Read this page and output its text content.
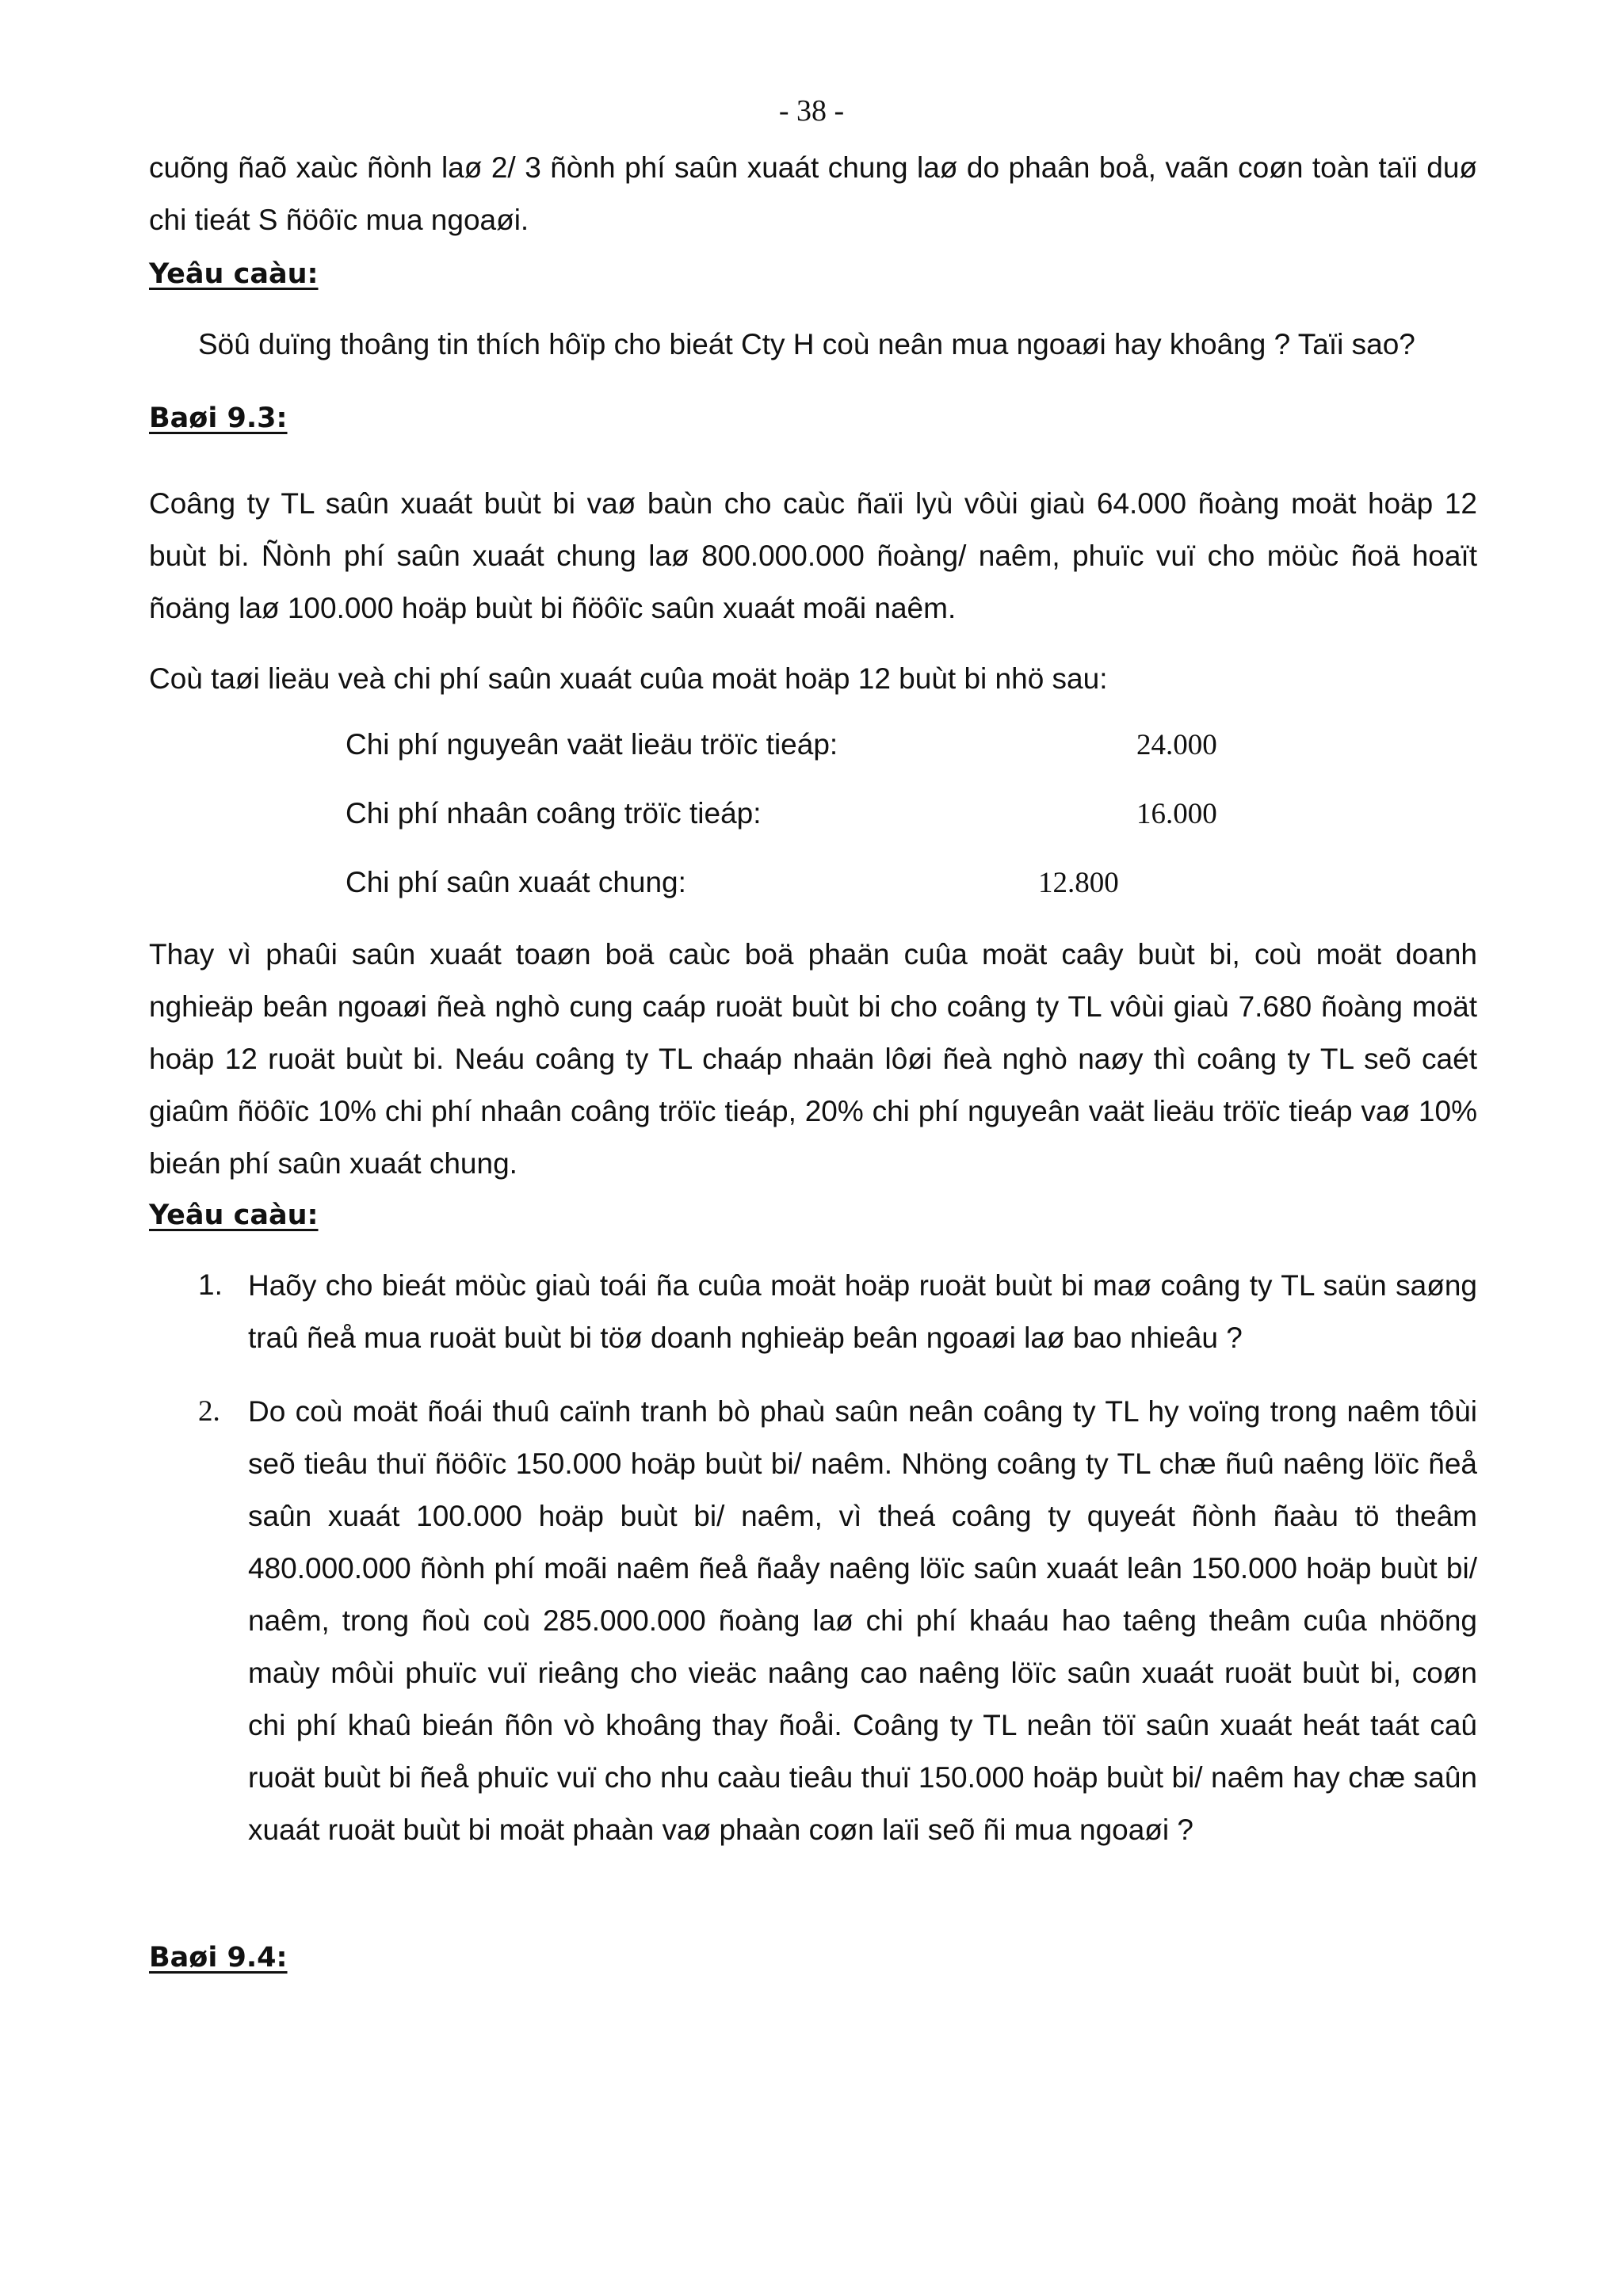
- 38 -
cuõng ñaõ xaùc ñònh laø 2/ 3 ñònh phí saûn xuaát chung laø do phaân boå, vaãn coøn toàn taïi duø chi tieát S ñöôïc mua ngoaøi.
Yeâu caàu:
Söû duïng thoâng tin thích hôïp cho bieát Cty H coù neân mua ngoaøi hay khoâng ? Taïi sao?
Baøi 9.3:
Coâng ty TL saûn xuaát buùt bi vaø baùn cho caùc ñaïi lyù vôùi giaù 64.000 ñoàng moät hoäp 12 buùt bi. Ñònh phí saûn xuaát chung laø 800.000.000 ñoàng/ naêm, phuïc vuï cho möùc ñoä hoaït ñoäng laø 100.000 hoäp buùt bi ñöôïc saûn xuaát moãi naêm.
Coù taøi lieäu veà chi phí saûn xuaát cuûa moät hoäp 12 buùt bi nhö sau:
Chi phí nguyeân vaät lieäu tröïc tieáp:	24.000
Chi phí nhaân coâng tröïc tieáp:	16.000
Chi phí saûn xuaát chung:	12.800
Thay vì phaûi saûn xuaát toaøn boä caùc boä phaän cuûa moät caây buùt bi, coù moät doanh nghieäp beân ngoaøi ñeà nghò cung caáp ruoät buùt bi cho coâng ty TL vôùi giaù 7.680 ñoàng moät hoäp 12 ruoät buùt bi. Neáu coâng ty TL chaáp nhaän lôøi ñeà nghò naøy thì coâng ty TL seõ caét giaûm ñöôïc 10% chi phí nhaân coâng tröïc tieáp, 20% chi phí nguyeân vaät lieäu tröïc tieáp vaø 10% bieán phí saûn xuaát chung.
Yeâu caàu:
1. Haõy cho bieát möùc giaù toái ña cuûa moät hoäp ruoät buùt bi maø coâng ty TL saün saøng traû ñeå mua ruoät buùt bi töø doanh nghieäp beân ngoaøi laø bao nhieâu ?
2. Do coù moät ñoái thuû caïnh tranh bò phaù saûn neân coâng ty TL hy voïng trong naêm tôùi seõ tieâu thuï ñöôïc 150.000 hoäp buùt bi/ naêm. Nhöng coâng ty TL chæ ñuû naêng löïc ñeå saûn xuaát 100.000 hoäp buùt bi/ naêm, vì theá coâng ty quyeát ñònh ñaàu tö theâm 480.000.000 ñònh phí moãi naêm ñeå ñaåy naêng löïc saûn xuaát leân 150.000 hoäp buùt bi/ naêm, trong ñoù coù 285.000.000 ñoàng laø chi phí khaáu hao taêng theâm cuûa nhöõng maùy môùi phuïc vuï rieâng cho vieäc naâng cao naêng löïc saûn xuaát ruoät buùt bi, coøn chi phí khaû bieán ñôn vò khoâng thay ñoåi. Coâng ty TL neân töï saûn xuaát heát taát caû ruoät buùt bi ñeå phuïc vuï cho nhu caàu tieâu thuï 150.000 hoäp buùt bi/ naêm hay chæ saûn xuaát ruoät buùt bi moät phaàn vaø phaàn coøn laïi seõ ñi mua ngoaøi ?
Baøi 9.4:
